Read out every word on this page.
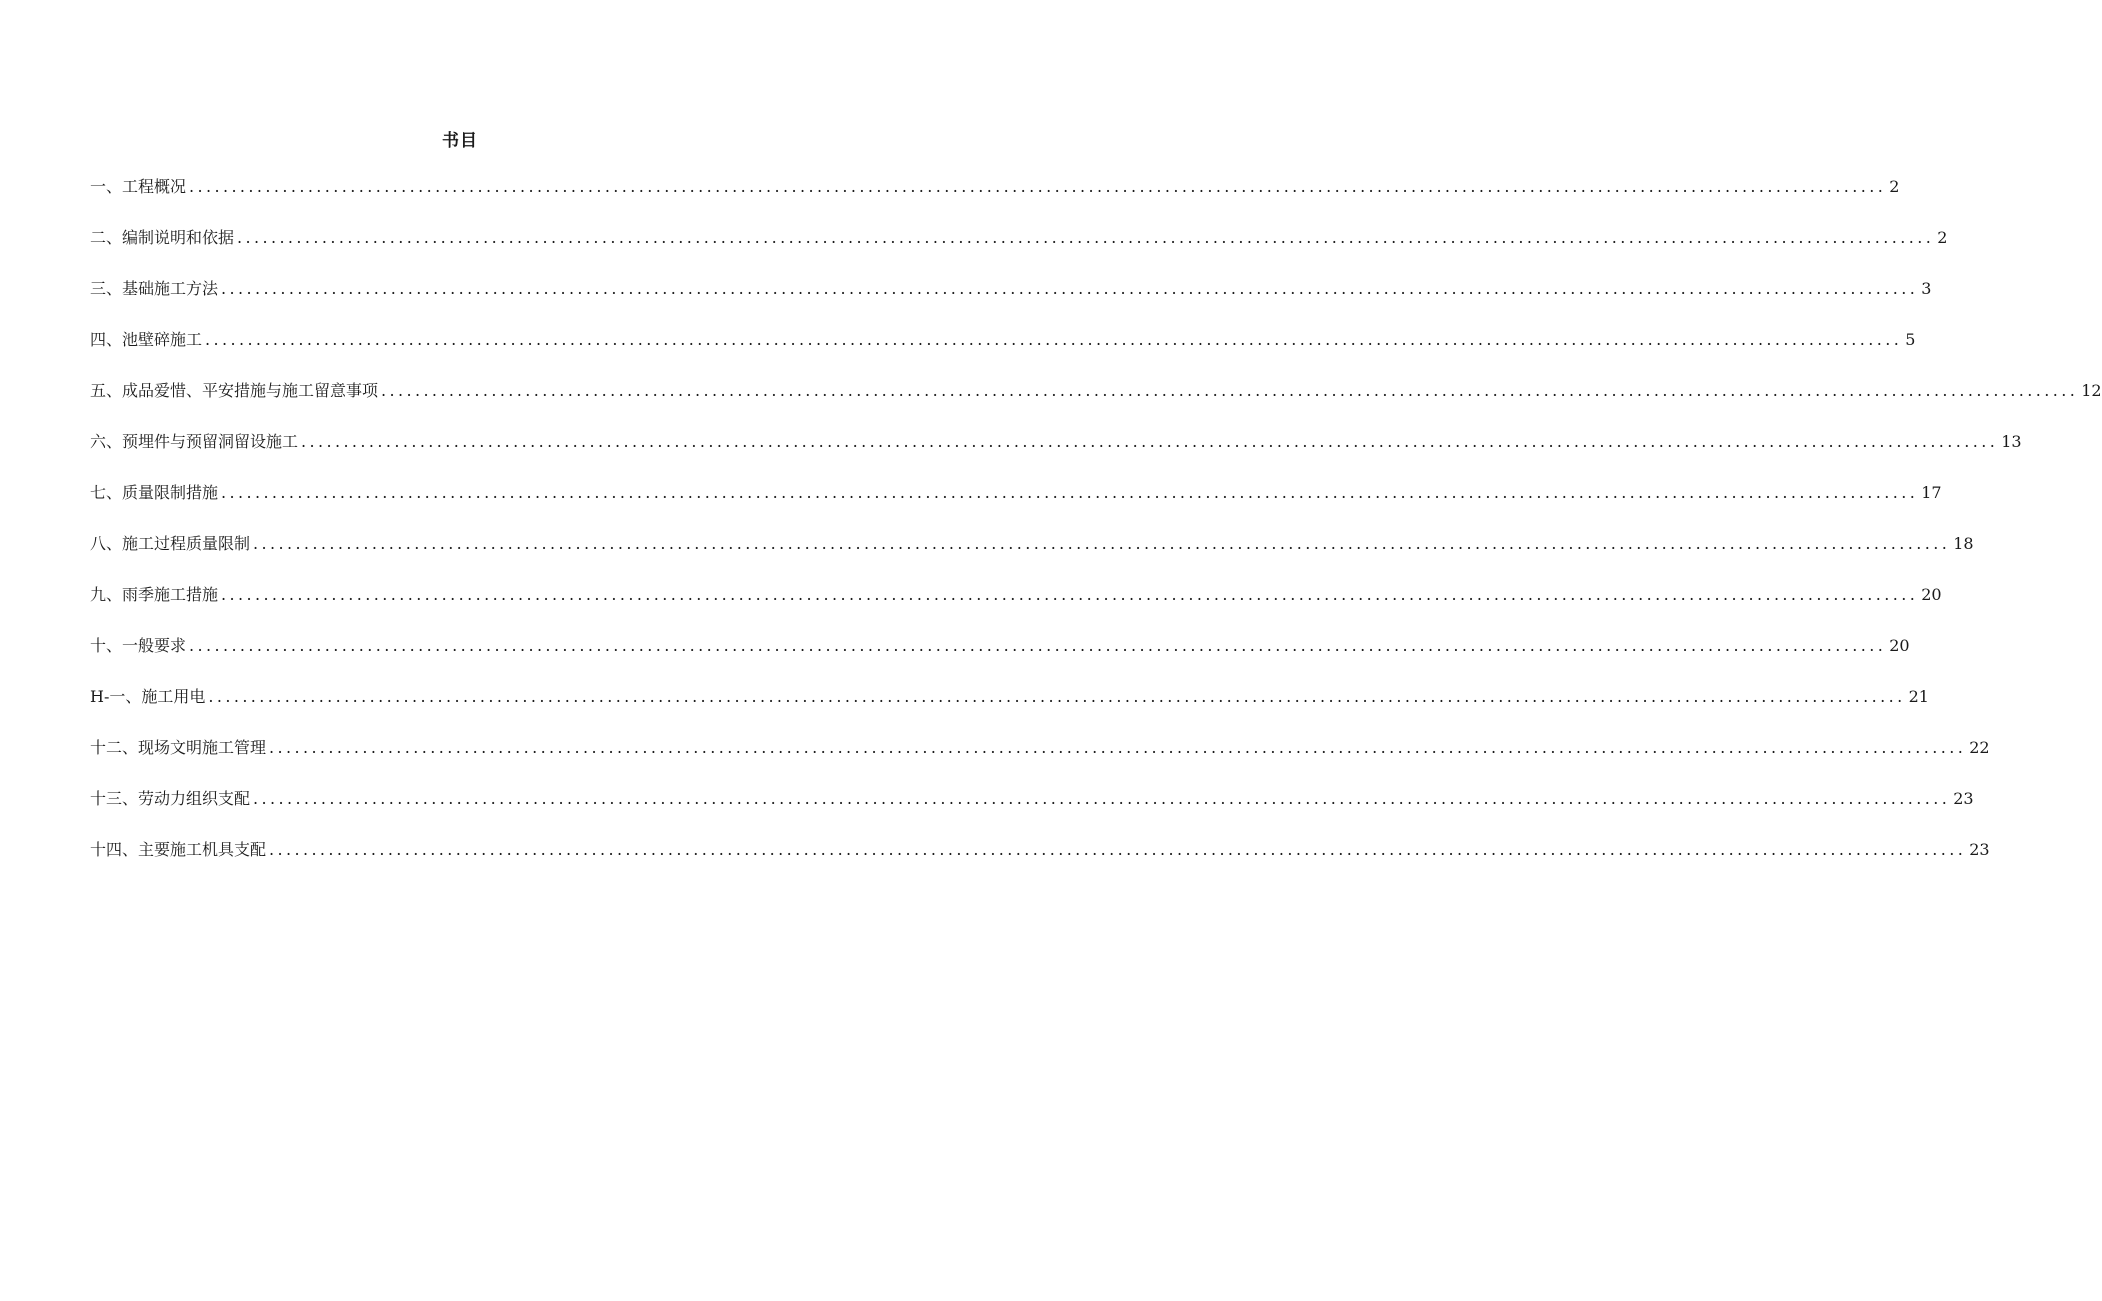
书目
一、工程概况 ........................................................................................................................................................................................................ 2
二、编制说明和依据 ........................................................................................................................................................................................................ 2
三、基础施工方法 ........................................................................................................................................................................................................ 3
四、池壁碎施工 ........................................................................................................................................................................................................ 5
五、成品爱惜、平安措施与施工留意事项 ........................................................................................................................................................................................................ 12
六、预埋件与预留洞留设施工 ........................................................................................................................................................................................................ 13
七、质量限制措施 ........................................................................................................................................................................................................ 17
八、施工过程质量限制 ........................................................................................................................................................................................................ 18
九、雨季施工措施 ........................................................................................................................................................................................................ 20
十、一般要求 ........................................................................................................................................................................................................ 20
H-一、施工用电 ........................................................................................................................................................................................................ 21
十二、现场文明施工管理 ........................................................................................................................................................................................................ 22
十三、劳动力组织支配 ........................................................................................................................................................................................................ 23
十四、主要施工机具支配 ........................................................................................................................................................................................................ 23
